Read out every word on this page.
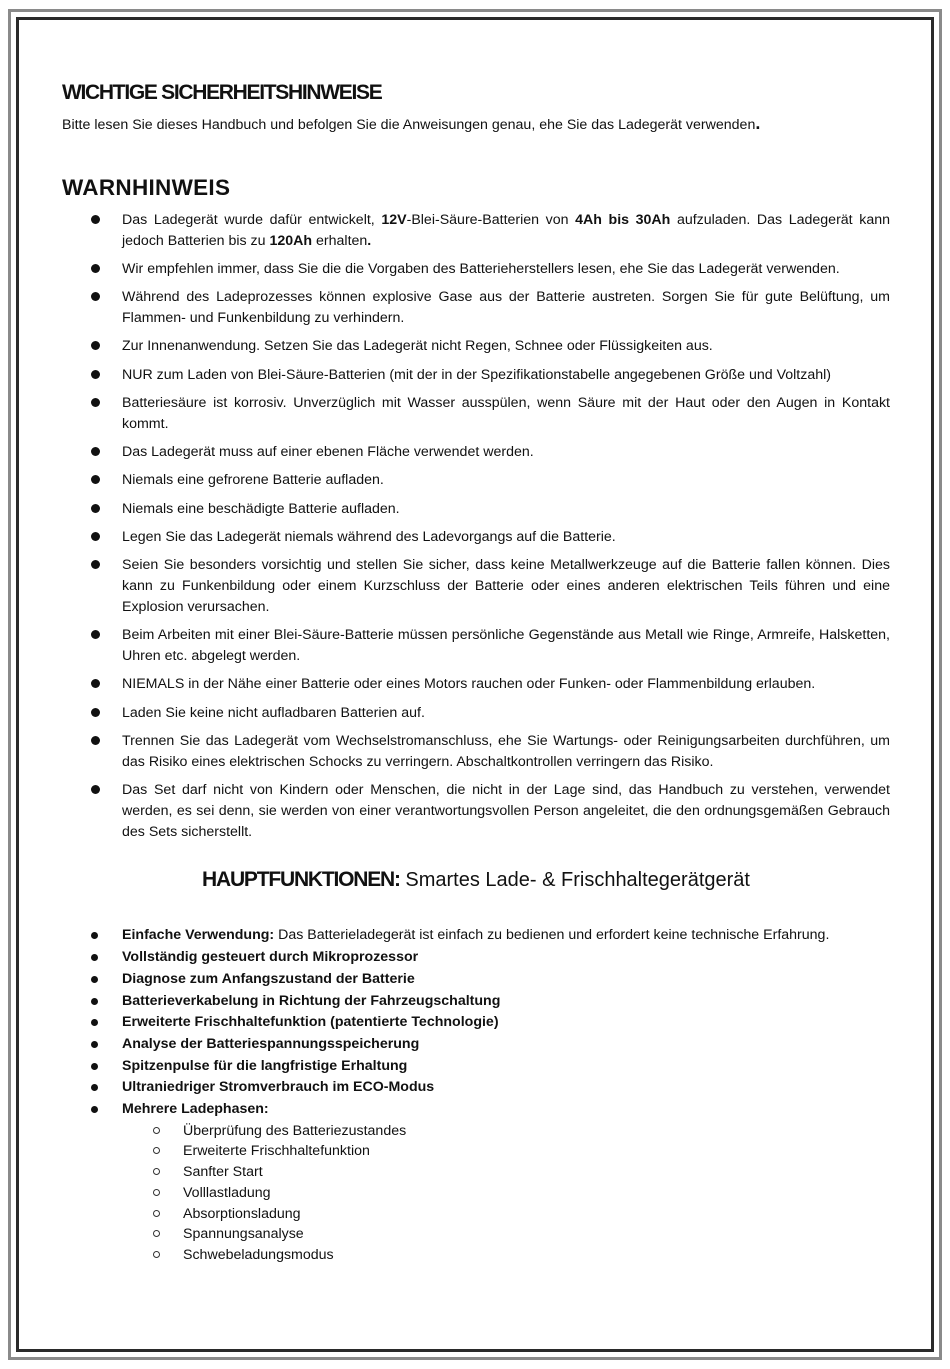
WICHTIGE SICHERHEITSHINWEISE

Bitte lesen Sie dieses Handbuch und befolgen Sie die Anweisungen genau, ehe Sie das Ladegerät verwenden.

WARNHINWEIS
Das Ladegerät wurde dafür entwickelt, 12V-Blei-Säure-Batterien von 4Ah bis 30Ah aufzuladen. Das Ladegerät kann jedoch Batterien bis zu 120Ah erhalten.
Wir empfehlen immer, dass Sie die die Vorgaben des Batterieherstellers lesen, ehe Sie das Ladegerät verwenden.
Während des Ladeprozesses können explosive Gase aus der Batterie austreten. Sorgen Sie für gute Belüftung, um Flammen- und Funkenbildung zu verhindern.
Zur Innenanwendung. Setzen Sie das Ladegerät nicht Regen, Schnee oder Flüssigkeiten aus.
NUR zum Laden von Blei-Säure-Batterien (mit der in der Spezifikationstabelle angegebenen Größe und Voltzahl)
Batteriesäure ist korrosiv. Unverzüglich mit Wasser ausspülen, wenn Säure mit der Haut oder den Augen in Kontakt kommt.
Das Ladegerät muss auf einer ebenen Fläche verwendet werden.
Niemals eine gefrorene Batterie aufladen.
Niemals eine beschädigte Batterie aufladen.
Legen Sie das Ladegerät niemals während des Ladevorgangs auf die Batterie.
Seien Sie besonders vorsichtig und stellen Sie sicher, dass keine Metallwerkzeuge auf die Batterie fallen können. Dies kann zu Funkenbildung oder einem Kurzschluss der Batterie oder eines anderen elektrischen Teils führen und eine Explosion verursachen.
Beim Arbeiten mit einer Blei-Säure-Batterie müssen persönliche Gegenstände aus Metall wie Ringe, Armreife, Halsketten, Uhren etc. abgelegt werden.
NIEMALS in der Nähe einer Batterie oder eines Motors rauchen oder Funken- oder Flammenbildung erlauben.
Laden Sie keine nicht aufladbaren Batterien auf.
Trennen Sie das Ladegerät vom Wechselstromanschluss, ehe Sie Wartungs- oder Reinigungsarbeiten durchführen, um das Risiko eines elektrischen Schocks zu verringern. Abschaltkontrollen verringern das Risiko.
Das Set darf nicht von Kindern oder Menschen, die nicht in der Lage sind, das Handbuch zu verstehen, verwendet werden, es sei denn, sie werden von einer verantwortungsvollen Person angeleitet, die den ordnungsgemäßen Gebrauch des Sets sicherstellt.
HAUPTFUNKTIONEN: Smartes Lade- & Frischhaltegerätgerät
Einfache Verwendung: Das Batterieladegerät ist einfach zu bedienen und erfordert keine technische Erfahrung.
Vollständig gesteuert durch Mikroprozessor
Diagnose zum Anfangszustand der Batterie
Batterieverkabelung in Richtung der Fahrzeugschaltung
Erweiterte Frischhaltefunktion (patentierte Technologie)
Analyse der Batteriespannungsspeicherung
Spitzenpulse für die langfristige Erhaltung
Ultraniedriger Stromverbrauch im ECO-Modus
Mehrere Ladephasen:
Überprüfung des Batteriezustandes
Erweiterte Frischhaltefunktion
Sanfter Start
Volllastladung
Absorptionsladung
Spannungsanalyse
Schwebeladungsmodus
